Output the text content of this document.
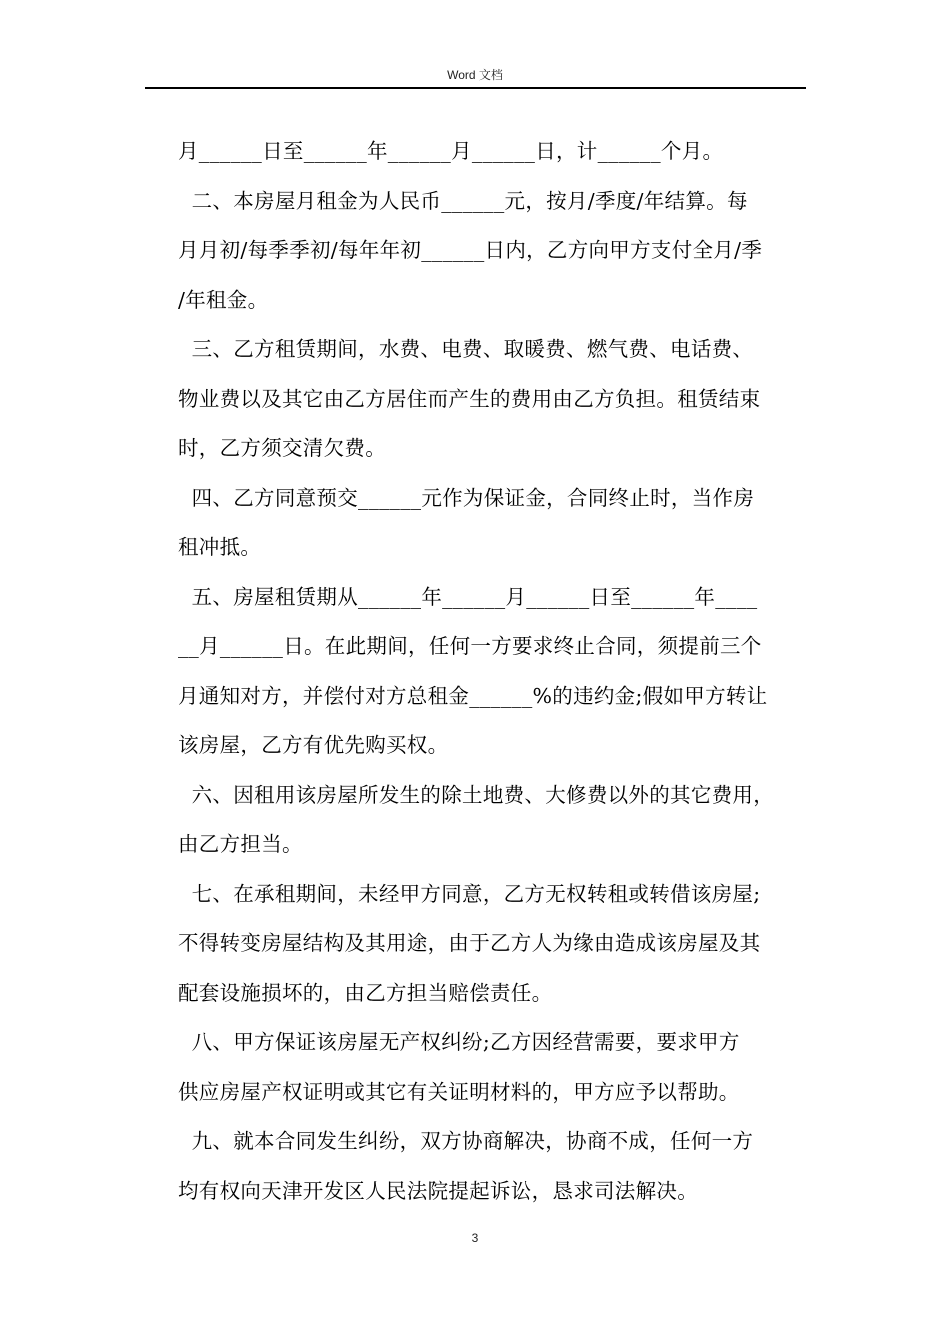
Word 文档
月______日至______年______月______日，计______个月。
二、本房屋月租金为人民币______元，按月/季度/年结算。每
月月初/每季季初/每年年初______日内，乙方向甲方支付全月/季
/年租金。
三、乙方租赁期间，水费、电费、取暖费、燃气费、电话费、
物业费以及其它由乙方居住而产生的费用由乙方负担。租赁结束
时，乙方须交清欠费。
四、乙方同意预交______元作为保证金，合同终止时，当作房
租冲抵。
五、房屋租赁期从______年______月______日至______年____
__月______日。在此期间，任何一方要求终止合同，须提前三个
月通知对方，并偿付对方总租金______%的违约金;假如甲方转让
该房屋，乙方有优先购买权。
六、因租用该房屋所发生的除土地费、大修费以外的其它费用，
由乙方担当。
七、在承租期间，未经甲方同意，乙方无权转租或转借该房屋;
不得转变房屋结构及其用途，由于乙方人为缘由造成该房屋及其
配套设施损坏的，由乙方担当赔偿责任。
八、甲方保证该房屋无产权纠纷;乙方因经营需要，要求甲方
供应房屋产权证明或其它有关证明材料的，甲方应予以帮助。
九、就本合同发生纠纷，双方协商解决，协商不成，任何一方
均有权向天津开发区人民法院提起诉讼，恳求司法解决。
3
